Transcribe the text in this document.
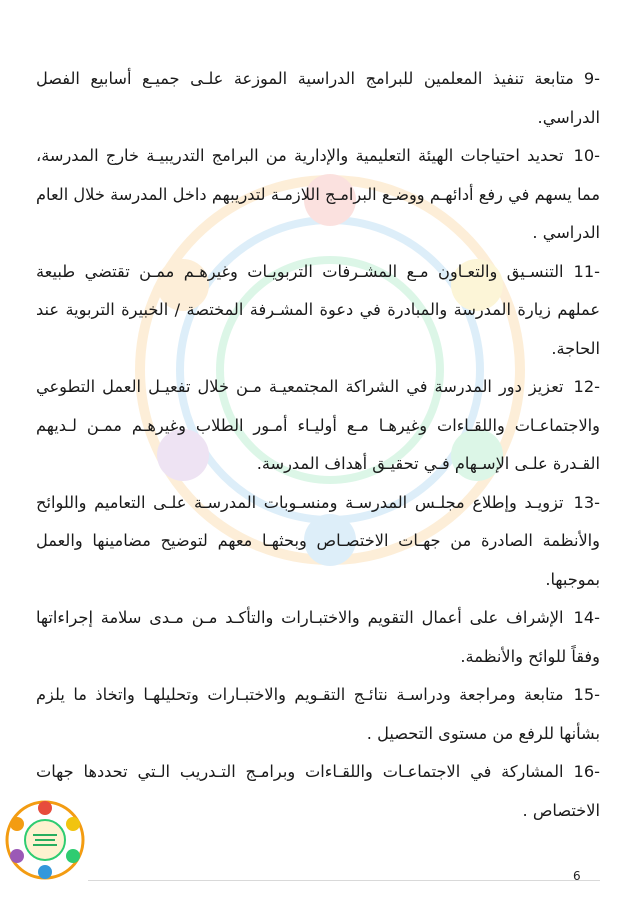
-9متابعة تنفيذ المعلمين للبرامج الدراسية الموزعة علـى جميـع أسابيع الفصل الدراسي.

-10تحديد احتياجات الهيئة التعليمية والإدارية من البرامج التدريبيـة خارج المدرسة، مما يسهم في رفع أدائهـم ووضـع البرامـج اللازمـة لتدريبهم داخل المدرسة خلال العام الدراسي .

-11التنسـيق والتعـاون مـع المشـرفات التربويـات وغيرهـم ممـن تقتضي طبيعة عملهم زيارة المدرسة والمبادرة في دعوة المشـرفة المختصة / الخبيرة التربوية عند الحاجة.

-12تعزيز دور المدرسة في الشراكة المجتمعيـة مـن خلال تفعيـل العمل التطوعي والاجتماعـات واللقـاءات وغيرهـا مـع أوليـاء أمـور الطلاب وغيرهـم ممـن لـديهم القـدرة علـى الإسـهام فـي تحقيـق أهداف المدرسة.

-13تزويـد وإطلاع مجلـس المدرسـة ومنسـوبات المدرسـة علـى التعاميم واللوائح والأنظمة الصادرة من جهـات الاختصـاص وبحثهـا معهم لتوضيح مضامينها والعمل بموجبها.

-14الإشراف على أعمال التقويم والاختبـارات والتأكـد مـن مـدى سلامة إجراءاتها وفقاً للوائح والأنظمة.

-15متابعة ومراجعة ودراسـة نتائـج التقـويم والاختبـارات وتحليلهـا واتخاذ ما يلزم بشأنها للرفع من مستوى التحصيل .

-16المشاركة في الاجتماعـات واللقـاءات وبرامـج التـدريب الـتي تحددها جهات الاختصاص .

6
